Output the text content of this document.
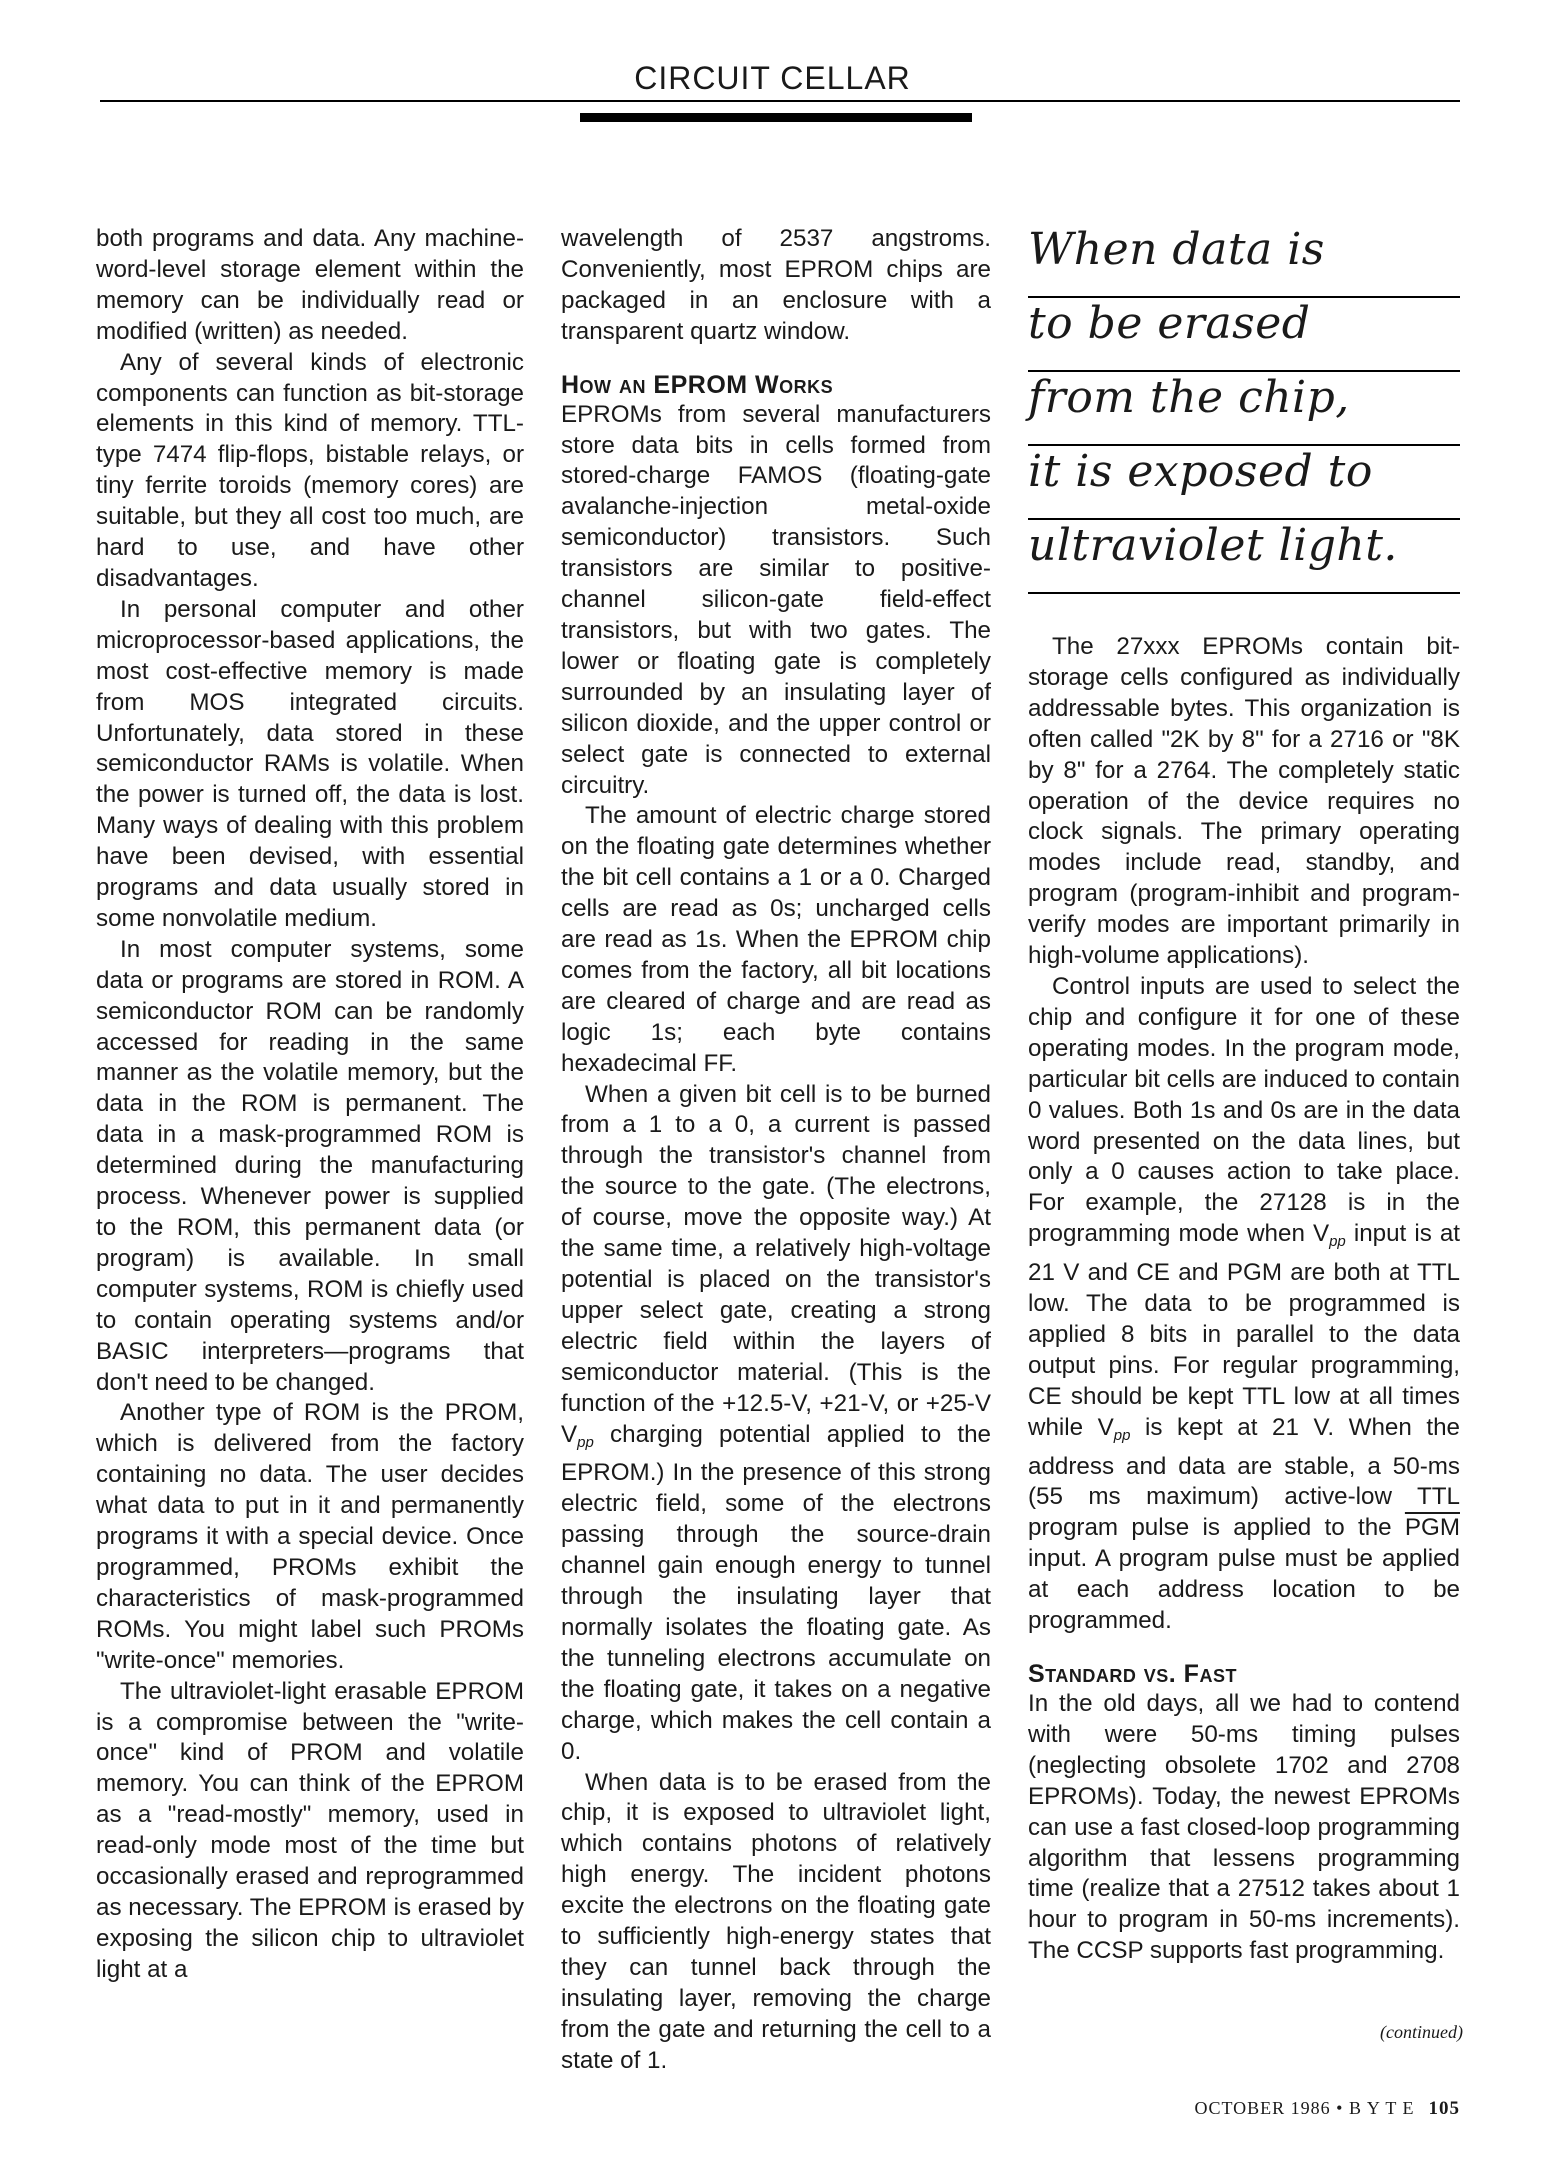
CIRCUIT CELLAR

both programs and data. Any machine-word-level storage element within the memory can be individually read or modified (written) as needed.

Any of several kinds of electronic components can function as bit-storage elements in this kind of memory. TTL-type 7474 flip-flops, bistable relays, or tiny ferrite toroids (memory cores) are suitable, but they all cost too much, are hard to use, and have other disadvantages.

In personal computer and other microprocessor-based applications, the most cost-effective memory is made from MOS integrated circuits. Unfortunately, data stored in these semiconductor RAMs is volatile. When the power is turned off, the data is lost. Many ways of dealing with this problem have been devised, with essential programs and data usually stored in some nonvolatile medium.

In most computer systems, some data or programs are stored in ROM. A semiconductor ROM can be randomly accessed for reading in the same manner as the volatile memory, but the data in the ROM is permanent. The data in a mask-programmed ROM is determined during the manufacturing process. Whenever power is supplied to the ROM, this permanent data (or program) is available. In small computer systems, ROM is chiefly used to contain operating systems and/or BASIC interpreters—programs that don't need to be changed.

Another type of ROM is the PROM, which is delivered from the factory containing no data. The user decides what data to put in it and permanently programs it with a special device. Once programmed, PROMs exhibit the characteristics of mask-programmed ROMs. You might label such PROMs "write-once" memories.

The ultraviolet-light erasable EPROM is a compromise between the "write-once" kind of PROM and volatile memory. You can think of the EPROM as a "read-mostly" memory, used in read-only mode most of the time but occasionally erased and reprogrammed as necessary. The EPROM is erased by exposing the silicon chip to ultraviolet light at a

wavelength of 2537 angstroms. Conveniently, most EPROM chips are packaged in an enclosure with a transparent quartz window.

How an EPROM Works

EPROMs from several manufacturers store data bits in cells formed from stored-charge FAMOS (floating-gate avalanche-injection metal-oxide semiconductor) transistors. Such transistors are similar to positive-channel silicon-gate field-effect transistors, but with two gates. The lower or floating gate is completely surrounded by an insulating layer of silicon dioxide, and the upper control or select gate is connected to external circuitry.

The amount of electric charge stored on the floating gate determines whether the bit cell contains a 1 or a 0. Charged cells are read as 0s; uncharged cells are read as 1s. When the EPROM chip comes from the factory, all bit locations are cleared of charge and are read as logic 1s; each byte contains hexadecimal FF.

When a given bit cell is to be burned from a 1 to a 0, a current is passed through the transistor's channel from the source to the gate. (The electrons, of course, move the opposite way.) At the same time, a relatively high-voltage potential is placed on the transistor's upper select gate, creating a strong electric field within the layers of semiconductor material. (This is the function of the +12.5-V, +21-V, or +25-V $V_{pp}$ charging potential applied to the EPROM.) In the presence of this strong electric field, some of the electrons passing through the source-drain channel gain enough energy to tunnel through the insulating layer that normally isolates the floating gate. As the tunneling electrons accumulate on the floating gate, it takes on a negative charge, which makes the cell contain a 0.

When data is to be erased from the chip, it is exposed to ultraviolet light, which contains photons of relatively high energy. The incident photons excite the electrons on the floating gate to sufficiently high-energy states that they can tunnel back through the insulating layer, removing the charge from the gate and returning the cell to a state of 1.

When data is
to be erased
from the chip,
it is exposed to
ultraviolet light.

The 27xxx EPROMs contain bit-storage cells configured as individually addressable bytes. This organization is often called "2K by 8" for a 2716 or "8K by 8" for a 2764. The completely static operation of the device requires no clock signals. The primary operating modes include read, standby, and program (program-inhibit and program-verify modes are important primarily in high-volume applications).

Control inputs are used to select the chip and configure it for one of these operating modes. In the program mode, particular bit cells are induced to contain 0 values. Both 1s and 0s are in the data word presented on the data lines, but only a 0 causes action to take place. For example, the 27128 is in the programming mode when $V_{pp}$ input is at 21 V and CE and PGM are both at TTL low. The data to be programmed is applied 8 bits in parallel to the data output pins. For regular programming, CE should be kept TTL low at all times while $V_{pp}$ is kept at 21 V. When the address and data are stable, a 50-ms (55 ms maximum) active-low TTL program pulse is applied to the $\overline{PGM}$ input. A program pulse must be applied at each address location to be programmed.

Standard vs. Fast

In the old days, all we had to contend with were 50-ms timing pulses (neglecting obsolete 1702 and 2708 EPROMs). Today, the newest EPROMs can use a fast closed-loop programming algorithm that lessens programming time (realize that a 27512 takes about 1 hour to program in 50-ms increments). The CCSP supports fast programming.

(continued)
OCTOBER 1986 • B Y T E 105
